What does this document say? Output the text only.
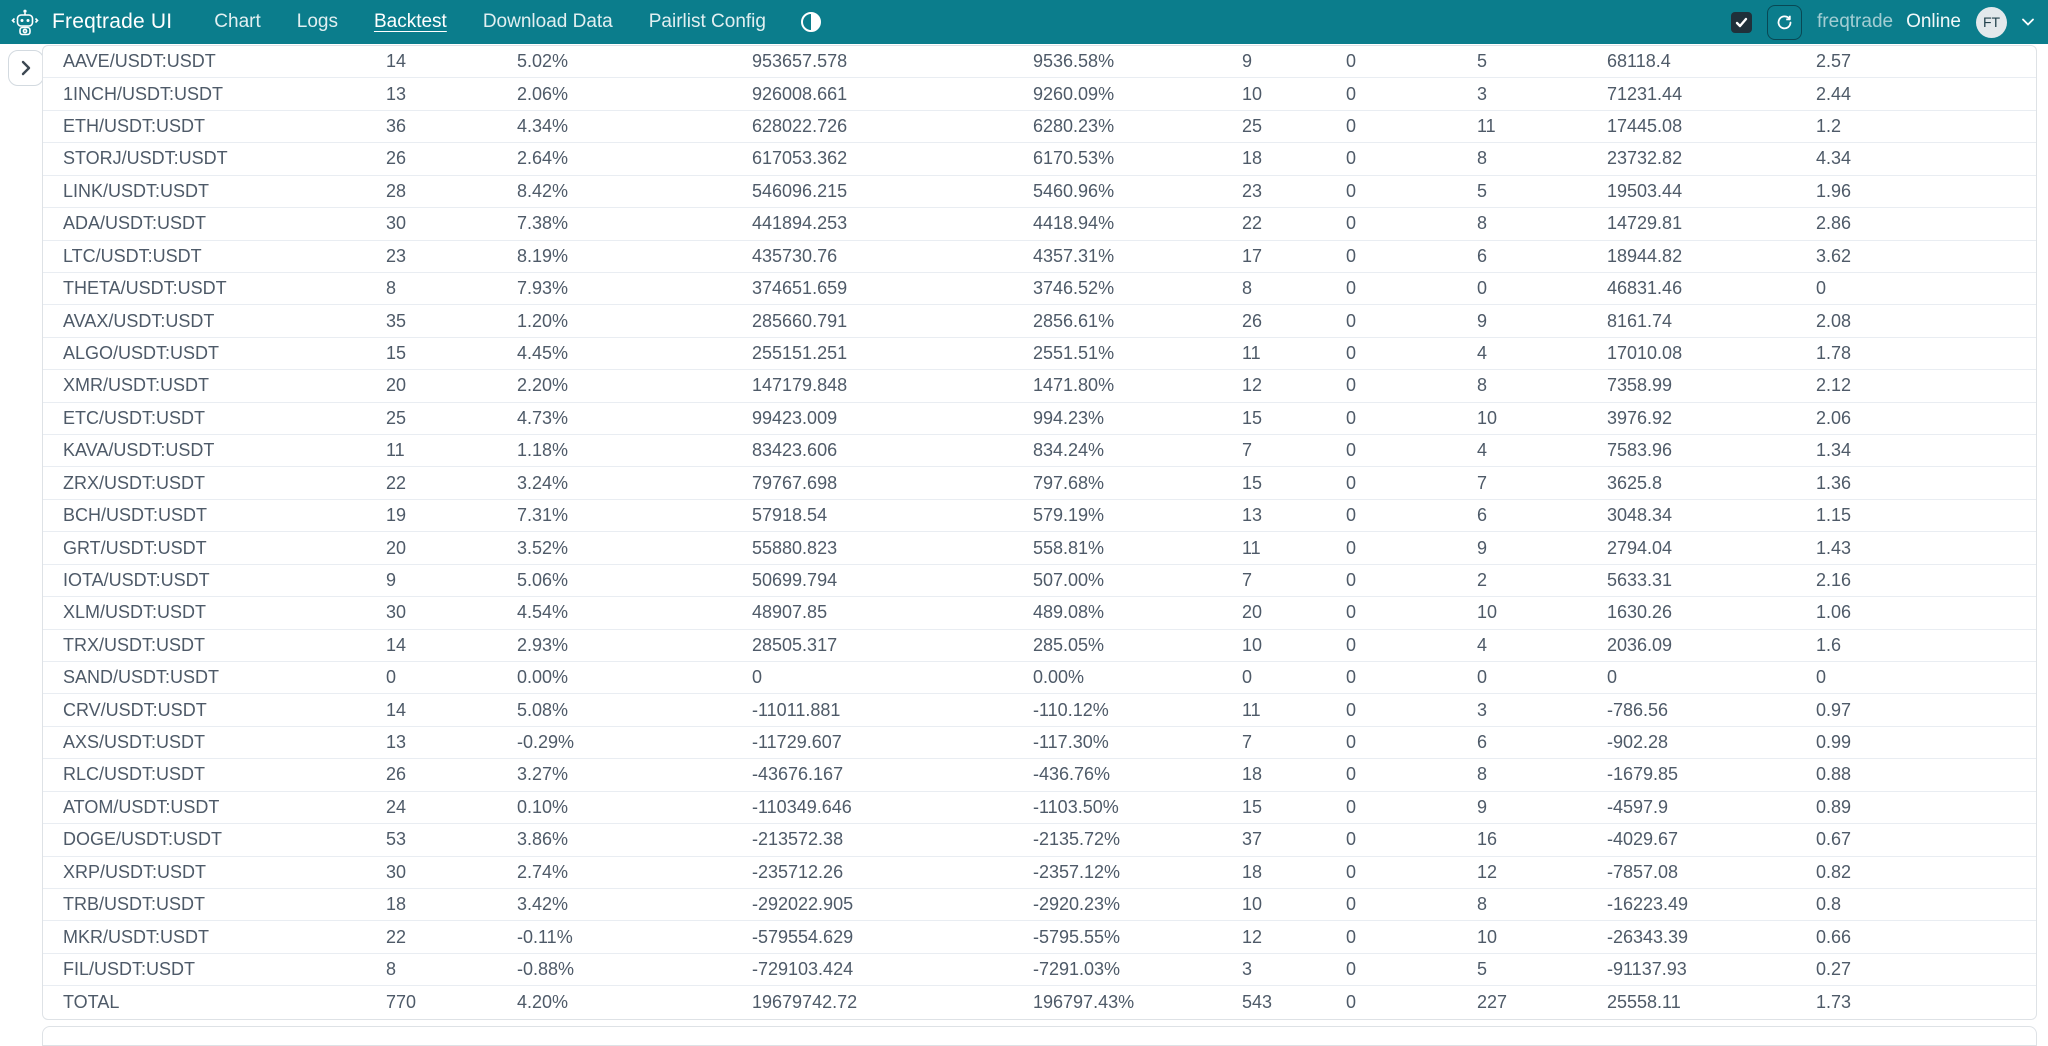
Freqtrade UI Chart Logs Backtest Download Data Pairlist Config	freqtrade Online	FT
AAVE/USDT:USDT	14	5.02%	953657.578	9536.58%	9	0	5	68118.4	2.57
1INCH/USDT:USDT	13	2.06%	926008.661	9260.09%	10	0	3	71231.44	2.44
ETH/USDT:USDT	36	4.34%	628022.726	6280.23%	25	0	11	17445.08	1.2
STORJ/USDT:USDT	26	2.64%	617053.362	6170.53%	18	0	8	23732.82	4.34
LINK/USDT:USDT	28	8.42%	546096.215	5460.96%	23	0	5	19503.44	1.96
ADA/USDT:USDT	30	7.38%	441894.253	4418.94%	22	0	8	14729.81	2.86
LTC/USDT:USDT	23	8.19%	435730.76	4357.31%	17	0	6	18944.82	3.62
THETA/USDT:USDT	8	7.93%	374651.659	3746.52%	8	0	0	46831.46	0
AVAX/USDT:USDT	35	1.20%	285660.791	2856.61%	26	0	9	8161.74	2.08
ALGO/USDT:USDT	15	4.45%	255151.251	2551.51%	11	0	4	17010.08	1.78
XMR/USDT:USDT	20	2.20%	147179.848	1471.80%	12	0	8	7358.99	2.12
ETC/USDT:USDT	25	4.73%	99423.009	994.23%	15	0	10	3976.92	2.06
KAVA/USDT:USDT	11	1.18%	83423.606	834.24%	7	0	4	7583.96	1.34
ZRX/USDT:USDT	22	3.24%	79767.698	797.68%	15	0	7	3625.8	1.36
BCH/USDT:USDT	19	7.31%	57918.54	579.19%	13	0	6	3048.34	1.15
GRT/USDT:USDT	20	3.52%	55880.823	558.81%	11	0	9	2794.04	1.43
IOTA/USDT:USDT	9	5.06%	50699.794	507.00%	7	0	2	5633.31	2.16
XLM/USDT:USDT	30	4.54%	48907.85	489.08%	20	0	10	1630.26	1.06
TRX/USDT:USDT	14	2.93%	28505.317	285.05%	10	0	4	2036.09	1.6
SAND/USDT:USDT	0	0.00%	0	0.00%	0	0	0	0	0
CRV/USDT:USDT	14	5.08%	-11011.881	-110.12%	11	0	3	-786.56	0.97
AXS/USDT:USDT	13	-0.29%	-11729.607	-117.30%	7	0	6	-902.28	0.99
RLC/USDT:USDT	26	3.27%	-43676.167	-436.76%	18	0	8	-1679.85	0.88
ATOM/USDT:USDT	24	0.10%	-110349.646	-1103.50%	15	0	9	-4597.9	0.89
DOGE/USDT:USDT	53	3.86%	-213572.38	-2135.72%	37	0	16	-4029.67	0.67
XRP/USDT:USDT	30	2.74%	-235712.26	-2357.12%	18	0	12	-7857.08	0.82
TRB/USDT:USDT	18	3.42%	-292022.905	-2920.23%	10	0	8	-16223.49	0.8
MKR/USDT:USDT	22	-0.11%	-579554.629	-5795.55%	12	0	10	-26343.39	0.66
FIL/USDT:USDT	8	-0.88%	-729103.424	-7291.03%	3	0	5	-91137.93	0.27
TOTAL	770	4.20%	19679742.72	196797.43%	543	0	227	25558.11	1.73
